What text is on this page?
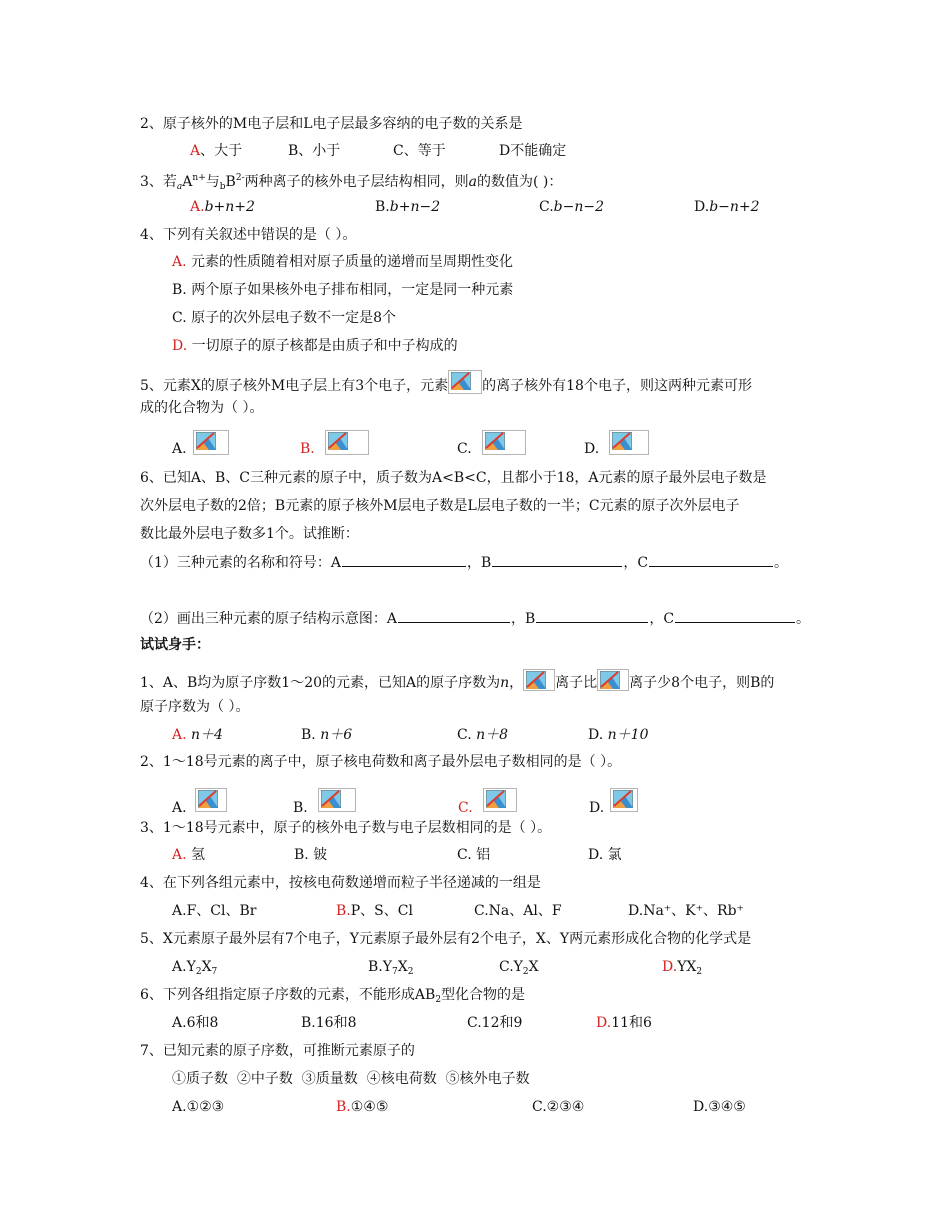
2、原子核外的M电子层和L电子层最多容纳的电子数的关系是
A、大于	B、小于	C、等于	D不能确定
3、若$_aA^{n+}$与$_bB^{2-}$两种离子的核外电子层结构相同，则a的数值为( )：
A.b+n+2	B.b+n−2	C.b−n−2	D.b−n+2
4、下列有关叙述中错误的是（ ）。
A. 元素的性质随着相对原子质量的递增而呈周期性变化
B. 两个原子如果核外电子排布相同，一定是同一种元素
C. 原子的次外层电子数不一定是8个
D. 一切原子的原子核都是由质子和中子构成的
5、元素X的原子核外M电子层上有3个电子，元素 的离子核外有18个电子，则这两种元素可形
成的化合物为（ ）。
A.	B.	C.	D.
6、已知A、B、C三种元素的原子中，质子数为A<B<C，且都小于18，A元素的原子最外层电子数是
次外层电子数的2倍；B元素的原子核外M层电子数是L层电子数的一半；C元素的原子次外层电子
数比最外层电子数多1个。试推断：
（1）三种元素的名称和符号：A	，B	，C	。
（2）画出三种元素的原子结构示意图：A	，B	，C	。
试试身手：
1、A、B均为原子序数1～20的元素，已知A的原子序数为n， 离子比 离子少8个电子，则B的
原子序数为（ ）。
A. n＋4	B. n＋6	C. n＋8	D. n＋10
2、1～18号元素的离子中，原子核电荷数和离子最外层电子数相同的是（ ）。
A.	B.	C.	D.
3、1～18号元素中，原子的核外电子数与电子层数相同的是（ ）。
A. 氢	B. 铍	C. 铝	D. 氯
4、在下列各组元素中，按核电荷数递增而粒子半径递减的一组是
A.F、Cl、Br	B.P、S、Cl	C.Na、Al、F	D.Na⁺、K⁺、Rb⁺
5、X元素原子最外层有7个电子，Y元素原子最外层有2个电子，X、Y两元素形成化合物的化学式是
$A.Y_2X_7$	$B.Y_7X_2$	$C.Y_2X$	$D.YX_2$
6、下列各组指定原子序数的元素，不能形成$AB_2$型化合物的是
A.6和8	B.16和8	C.12和9	D.11和6
7、已知元素的原子序数，可推断元素原子的
①质子数  ②中子数  ③质量数  ④核电荷数  ⑤核外电子数
A.①②③	B.①④⑤	C.②③④	D.③④⑤
